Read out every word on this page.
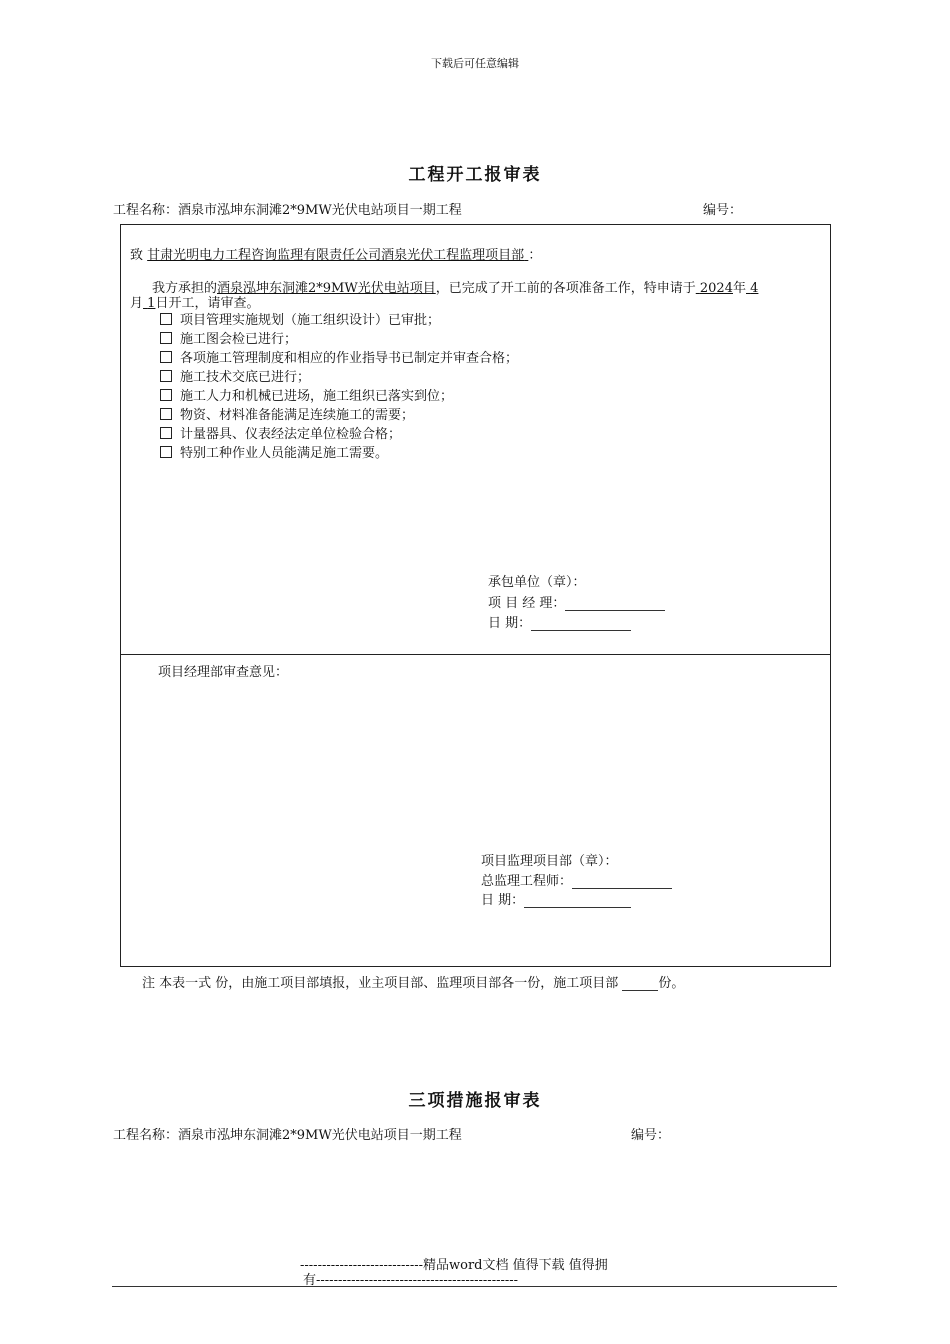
下载后可任意编辑
工程开工报审表
工程名称：酒泉市泓坤东洞滩2*9MW光伏电站项目一期工程	编号：
致 甘肃光明电力工程咨询监理有限责任公司酒泉光伏工程监理项目部 ：
我方承担的酒泉泓坤东洞滩2*9MW光伏电站项目，已完成了开工前的各项准备工作，特申请于 2024年 4
月 1日开工，请审查。
项目管理实施规划（施工组织设计）已审批；
施工图会检已进行；
各项施工管理制度和相应的作业指导书已制定并审查合格；
施工技术交底已进行；
施工人力和机械已进场，施工组织已落实到位；
物资、材料准备能满足连续施工的需要；
计量器具、仪表经法定单位检验合格；
特别工种作业人员能满足施工需要。
承包单位（章）：
项 目 经 理：
日 期：
项目经理部审查意见：
项目监理项目部（章）：
总监理工程师：
日 期：
注 本表一式 份，由施工项目部填报，业主项目部、监理项目部各一份，施工项目部	份。
三项措施报审表
工程名称：酒泉市泓坤东洞滩2*9MW光伏电站项目一期工程	编号：
----------------------------精品word文档 值得下载 值得拥
有----------------------------------------------
